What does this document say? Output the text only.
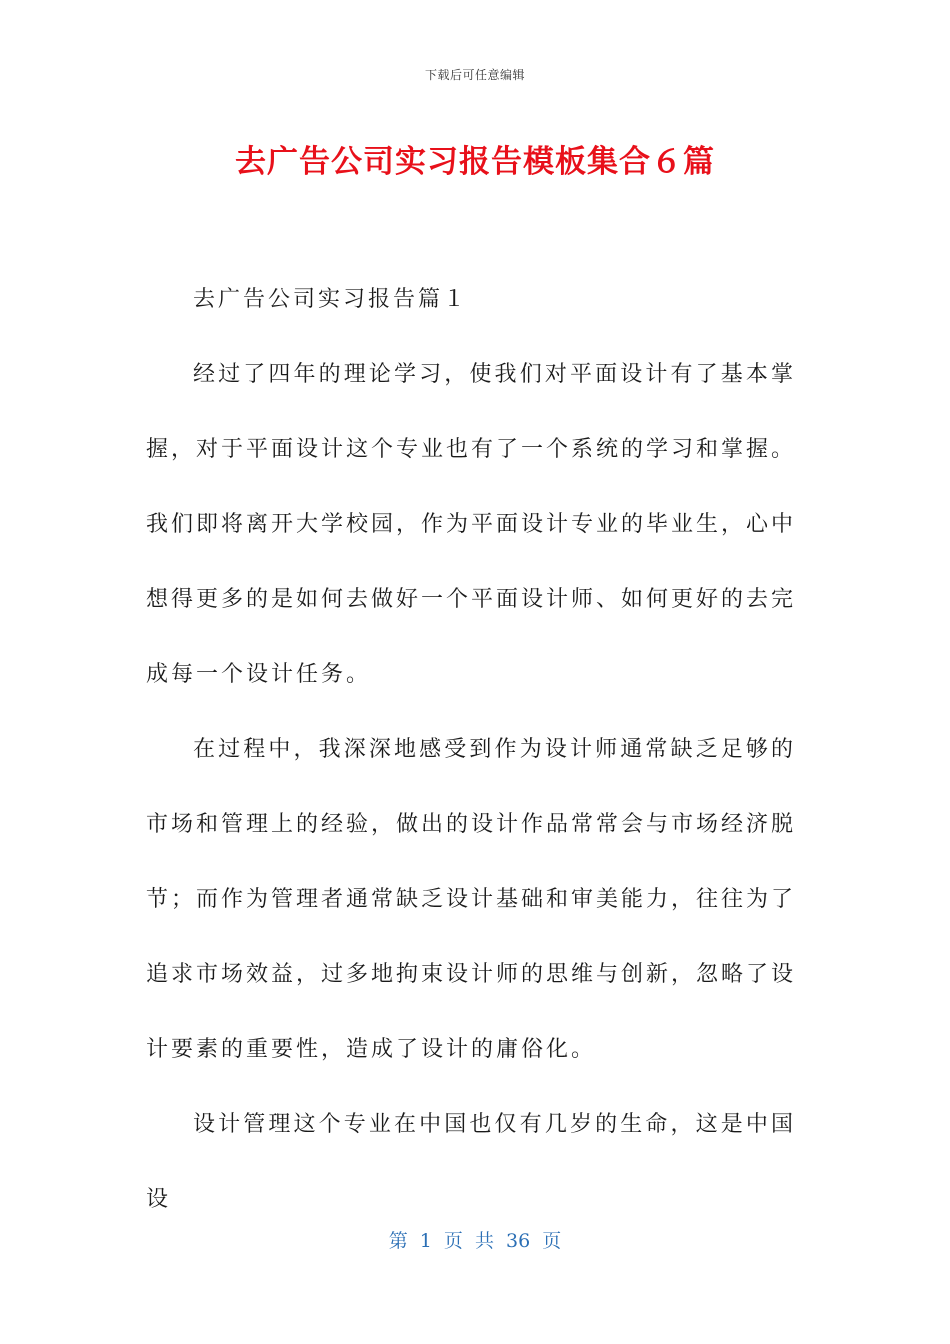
下载后可任意编辑
去广告公司实习报告模板集合６篇

去广告公司实习报告篇１

经过了四年的理论学习，使我们对平面设计有了基本掌握，对于平面设计这个专业也有了一个系统的学习和掌握。我们即将离开大学校园，作为平面设计专业的毕业生，心中想得更多的是如何去做好一个平面设计师、如何更好的去完成每一个设计任务。

在过程中，我深深地感受到作为设计师通常缺乏足够的市场和管理上的经验，做出的设计作品常常会与市场经济脱节；而作为管理者通常缺乏设计基础和审美能力，往往为了追求市场效益，过多地拘束设计师的思维与创新，忽略了设计要素的重要性，造成了设计的庸俗化。

设计管理这个专业在中国也仅有几岁的生命，这是中国设

第 1 页 共 36 页
